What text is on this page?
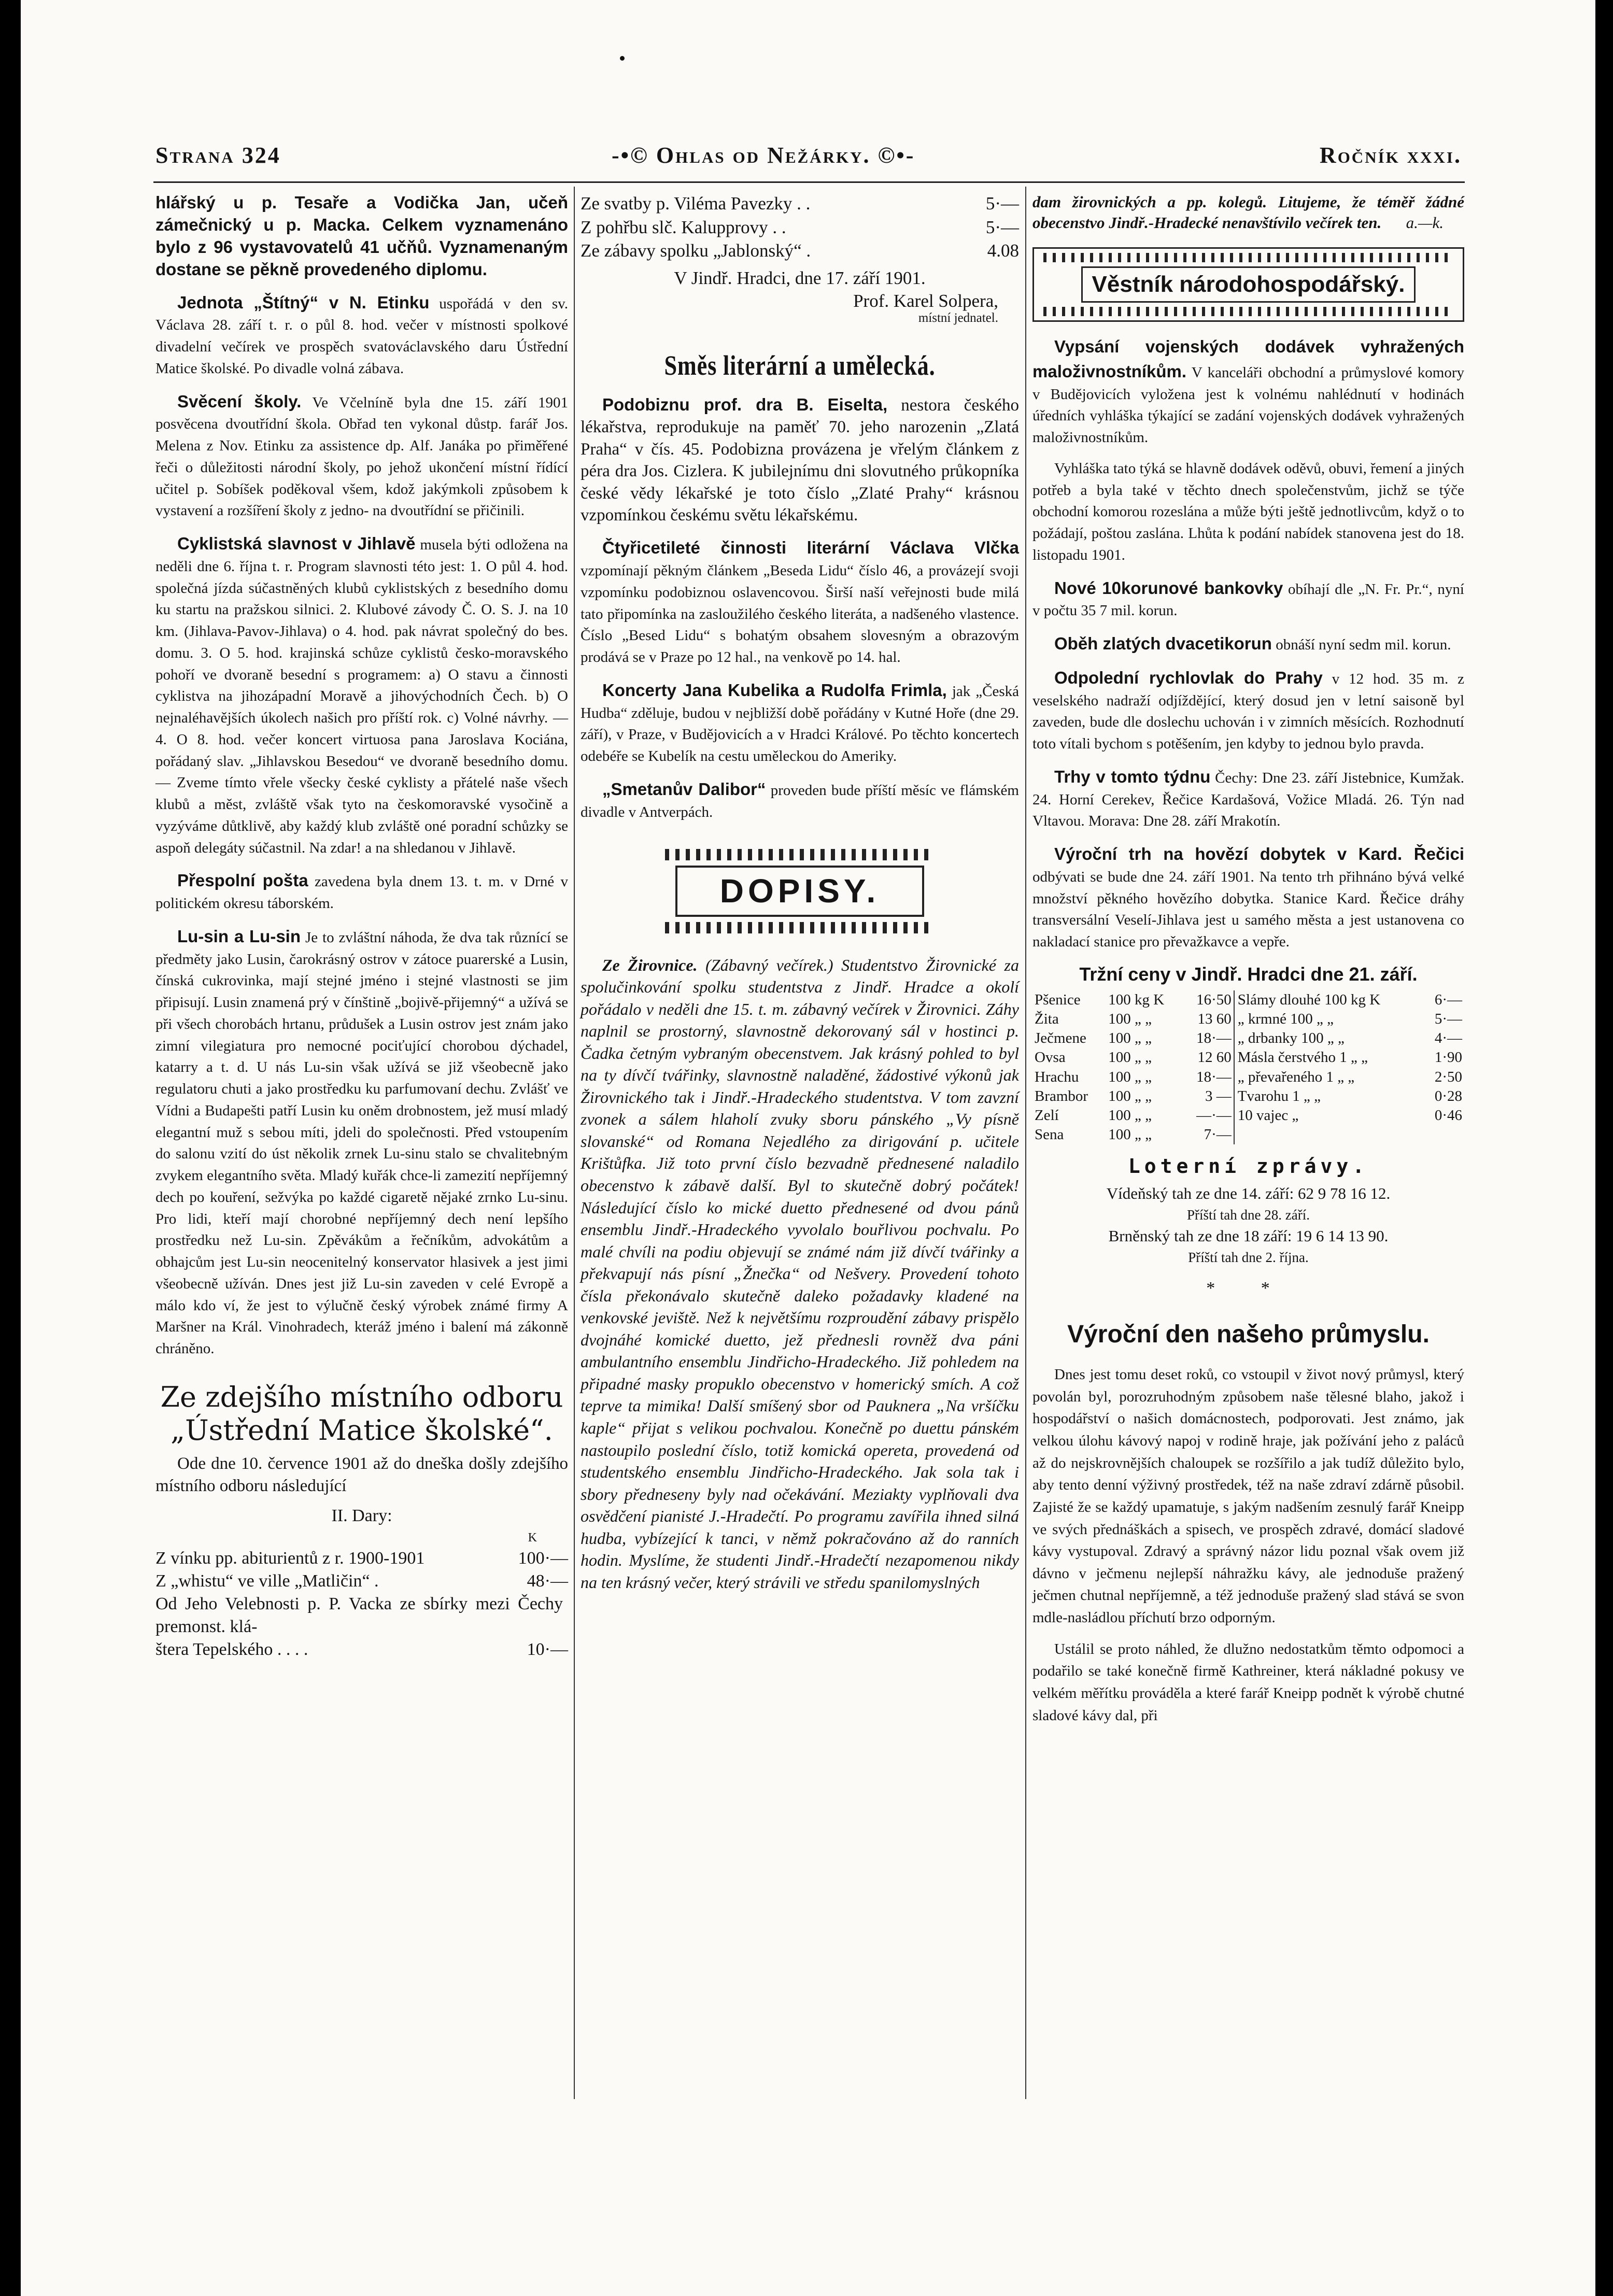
Strana 324	-•© Ohlas od Nežárky. ©•-	Ročník xxxi.

hlářský u p. Tesaře a Vodička Jan, učeň zámečnický u p. Macka. Celkem vyznamenáno bylo z 96 vystavovatelů 41 učňů. Vyznamenaným dostane se pěkně provedeného diplomu.

Jednota „Štítný“ v N. Etinku uspořádá v den sv. Václava 28. září t. r. o půl 8. hod. večer v místnosti spolkové divadelní večírek ve prospěch svatováclavského daru Ústřední Matice školské. Po divadle volná zábava.

Svěcení školy. Ve Včelníně byla dne 15. září 1901 posvěcena dvoutřídní škola. Obřad ten vykonal důstp. farář Jos. Melena z Nov. Etinku za assistence dp. Alf. Janáka po přiměřené řeči o důležitosti národní školy, po jehož ukončení místní řídící učitel p. Sobíšek poděkoval všem, kdož jakýmkoli způsobem k vystavení a rozšíření školy z jedno- na dvoutřídní se přičinili.

Cyklistská slavnost v Jihlavě musela býti odložena na neděli dne 6. října t. r. Program slavnosti této jest: 1. O půl 4. hod. společná jízda súčastněných klubů cyklistských z besedního domu ku startu na pražskou silnici. 2. Klubové závody Č. O. S. J. na 10 km. (Jihlava-Pavov-Jihlava) o 4. hod. pak návrat společný do bes. domu. 3. O 5. hod. krajinská schůze cyklistů česko-moravského pohoří ve dvoraně besední s programem: a) O stavu a činnosti cyklistva na jihozápadní Moravě a jihovýchodních Čech. b) O nejnaléhavějších úkolech našich pro příští rok. c) Volné návrhy. — 4. O 8. hod. večer koncert virtuosa pana Jaroslava Kociána, pořádaný slav. „Jihlavskou Besedou“ ve dvoraně besedního domu. — Zveme tímto vřele všecky české cyklisty a přátelé naše všech klubů a měst, zvláště však tyto na českomoravské vysočině a vyzýváme důtklivě, aby každý klub zvláště oné poradní schůzky se aspoň delegáty súčastnil. Na zdar! a na shledanou v Jihlavě.

Přespolní pošta zavedena byla dnem 13. t. m. v Drné v politickém okresu táborském.

Lu-sin a Lu-sin Je to zvláštní náhoda, že dva tak různící se předměty jako Lusin, čarokrásný ostrov v zátoce puarerské a Lusin, čínská cukrovinka, mají stejné jméno i stejné vlastnosti se jim připisují. Lusin znamená prý v čínštině „bojivě-přijemný“ a užívá se při všech chorobách hrtanu, průdušek a Lusin ostrov jest znám jako zimní vilegiatura pro nemocné pociťující chorobou dýchadel, katarry a t. d. U nás Lu-sin však užívá se již všeobecně jako regulatoru chuti a jako prostředku ku parfumovaní dechu. Zvlášť ve Vídni a Budapešti patří Lusin ku oněm drobnostem, jež musí mladý elegantní muž s sebou míti, jdeli do společnosti. Před vstoupením do salonu vzití do úst několik zrnek Lu-sinu stalo se chvalitebným zvykem elegantního světa. Mladý kuřák chce-li zamezití nepříjemný dech po kouření, sežvýka po každé cigaretě nějaké zrnko Lu-sinu. Pro lidi, kteří mají chorobné nepříjemný dech není lepšího prostředku než Lu-sin. Zpěvákům a řečníkům, advokátům a obhajcům jest Lu-sin neocenitelný konservator hlasivek a jest jimi všeobecně užíván. Dnes jest již Lu-sin zaveden v celé Evropě a málo kdo ví, že jest to výlučně český výrobek známé firmy A Maršner na Král. Vinohradech, kteráž jméno i balení má zákonně chráněno.

Ze zdejšího místního odboru „Ústřední Matice školské“.

Ode dne 10. července 1901 až do dneška došly zdejšího místního odboru následující

II. Dary:
K
Z vínku pp. abiturientů z r. 1900-1901	100·—
Z „whistu“ ve ville „Matličin“ .	48·—
Od Jeho Velebnosti p. P. Vacka ze sbírky mezi Čechy premonst. klá-
štera Tepelského . . . .	10·—
Ze svatby p. Viléma Pavezky . .	5·—
Z pohřbu slč. Kalupprovy . .	5·—
Ze zábavy spolku „Jablonský“ .	4.08
V Jindř. Hradci, dne 17. září 1901.
Prof. Karel Solpera,
místní jednatel.
Směs literární a umělecká.

Podobiznu prof. dra B. Eiselta, nestora českého lékařstva, reprodukuje na paměť 70. jeho narozenin „Zlatá Praha“ v čís. 45. Podobizna provázena je vřelým článkem z péra dra Jos. Cizlera. K jubilejnímu dni slovutného průkopníka české vědy lékařské je toto číslo „Zlaté Prahy“ krásnou vzpomínkou českému světu lékařskému.

Čtyřicetileté činnosti literární Václava Vlčka vzpomínají pěkným článkem „Beseda Lidu“ číslo 46, a provázejí svoji vzpomínku podobiznou oslavencovou. Širší naší veřejnosti bude milá tato připomínka na zasloužilého českého literáta, a nadšeného vlastence. Číslo „Besed Lidu“ s bohatým obsahem slovesným a obrazovým prodává se v Praze po 12 hal., na venkově po 14. hal.

Koncerty Jana Kubelika a Rudolfa Frimla, jak „Česká Hudba“ zděluje, budou v nejbližší době pořádány v Kutné Hoře (dne 29. září), v Praze, v Budějovicích a v Hradci Králové. Po těchto koncertech odebéře se Kubelík na cestu uměleckou do Ameriky.

„Smetanův Dalibor“ proveden bude příští měsíc ve flámském divadle v Antverpách.

DOPISY.

Ze Žirovnice. (Zábavný večírek.) Studentstvo Žirovnické za spolučinkování spolku studentstva z Jindř. Hradce a okolí pořádalo v neděli dne 15. t. m. zábavný večírek v Žirovnici. Záhy naplnil se prostorný, slavnostně dekorovaný sál v hostinci p. Čadka četným vybraným obecenstvem. Jak krásný pohled to byl na ty dívčí tvářinky, slavnostně naladěné, žádostivé výkonů jak Žirovnického tak i Jindř.-Hradeckého studentstva. V tom zavzní zvonek a sálem hlaholí zvuky sboru pánského „Vy písně slovanské“ od Romana Nejedlého za dirigování p. učitele Krištůfka. Již toto první číslo bezvadně přednesené naladilo obecenstvo k zábavě další. Byl to skutečně dobrý počátek! Následující číslo ko mické duetto přednesené od dvou pánů ensemblu Jindř.-Hradeckého vyvolalo bouřlivou pochvalu. Po malé chvíli na podiu objevují se známé nám již dívčí tvářinky a překvapují nás písní „Žnečka“ od Nešvery. Provedení tohoto čísla překonávalo skutečně daleko požadavky kladené na venkovské jeviště. Než k největšímu rozproudění zábavy prispělo dvojnáhé komické duetto, jež přednesli rovněž dva páni ambulantního ensemblu Jindřicho-Hradeckého. Již pohledem na připadné masky propuklo obecenstvo v homerický smích. A což teprve ta mimika! Další smíšený sbor od Pauknera „Na vršíčku kaple“ přijat s velikou pochvalou. Konečně po duettu pánském nastoupilo poslední číslo, totiž komická opereta, provedená od studentského ensemblu Jindřicho-Hradeckého. Jak sola tak i sbory předneseny byly nad očekávání. Meziakty vyplňovali dva osvědčení pianisté J.-Hradečtí. Po programu zavířila ihned silná hudba, vybízející k tanci, v němž pokračováno až do ranních hodin. Myslíme, že studenti Jindř.-Hradečtí nezapomenou nikdy na ten krásný večer, který strávili ve středu spanilomyslných

dam žirovnických a pp. kolegů. Litujeme, že téměř žádné obecenstvo Jindř.-Hradecké nenavštívilo večírek ten. a.—k.

Věstník národohospodářský.

Vypsání vojenských dodávek vyhražených maloživnostníkům. V kanceláři obchodní a průmyslové komory v Budějovicích vyložena jest k volnému nahlédnutí v hodinách úředních vyhláška týkající se zadání vojenských dodávek vyhražených maloživnostníkům.

Vyhláška tato týká se hlavně dodávek oděvů, obuvi, řemení a jiných potřeb a byla také v těchto dnech společenstvům, jichž se týče obchodní komorou rozeslána a může býti ještě jednotlivcům, když o to požádají, poštou zaslána. Lhůta k podání nabídek stanovena jest do 18. listopadu 1901.

Nové 10korunové bankovky obíhají dle „N. Fr. Pr.“, nyní v počtu 35 7 mil. korun.

Oběh zlatých dvacetikorun obnáší nyní sedm mil. korun.

Odpolední rychlovlak do Prahy v 12 hod. 35 m. z veselského nadraží odjíždějící, který dosud jen v letní saisoně byl zaveden, bude dle doslechu uchován i v zimních měsících. Rozhodnutí toto vítali bychom s potěšením, jen kdyby to jednou bylo pravda.

Trhy v tomto týdnu Čechy: Dne 23. září Jistebnice, Kumžak. 24. Horní Cerekev, Řečice Kardašová, Vožice Mladá. 26. Týn nad Vltavou. Morava: Dne 28. září Mrakotín.

Výroční trh na hovězí dobytek v Kard. Řečici odbývati se bude dne 24. září 1901. Na tento trh přihnáno bývá velké množství pěkného hovězího dobytka. Stanice Kard. Řečice dráhy transversální Veselí-Jihlava jest u samého města a jest ustanovena co nakladací stanice pro převažkavce a vepře.

Tržní ceny v Jindř. Hradci dne 21. září.
Pšenice	100 kg K	16·50		Slámy dlouhé 100 kg K	6·—
Žita	100 „ „	13 60		„ krmné 100 „ „	5·—
Ječmene	100 „ „	18·—		„ drbanky 100 „ „	4·—
Ovsa	100 „ „	12 60		Másla čerstvého 1 „ „	1·90
Hrachu	100 „ „	18·—		„ převařeného 1 „ „	2·50
Brambor	100 „ „	3 —		Tvarohu 1 „ „	0·28
Zelí	100 „ „	—·—		10 vajec „	0·46
Sena	100 „ „	7·—			
Loterní zprávy.
Vídeňský tah ze dne 14. září: 62 9 78 16 12.
Příští tah dne 28. září.
Brněnský tah ze dne 18 září: 19 6 14 13 90.
Příští tah dne 2. října.
* *
Výroční den našeho průmyslu.

Dnes jest tomu deset roků, co vstoupil v život nový průmysl, který povolán byl, porozruhodným způsobem naše tělesné blaho, jakož i hospodářství o našich domácnostech, podporovati. Jest známo, jak velkou úlohu kávový napoj v rodině hraje, jak požívání jeho z paláců až do nejskrovnějších chaloupek se rozšířilo a jak tudíž důležito bylo, aby tento denní výživný prostředek, též na naše zdraví zdárně působil. Zajisté že se každý upamatuje, s jakým nadšením zesnulý farář Kneipp ve svých přednáškách a spisech, ve prospěch zdravé, domácí sladové kávy vystupoval. Zdravý a správný názor lidu poznal však ovem již dávno v ječmenu nejlepší náhražku kávy, ale jednoduše pražený ječmen chutnal nepříjemně, a též jednoduše pražený slad stává se svon mdle-nasládlou příchutí brzo odporným.

Ustálil se proto náhled, že dlužno nedostatkům těmto odpomoci a podařilo se také konečně firmě Kathreiner, která nákladné pokusy ve velkém měřítku prováděla a které farář Kneipp podnět k výrobě chutné sladové kávy dal, při
